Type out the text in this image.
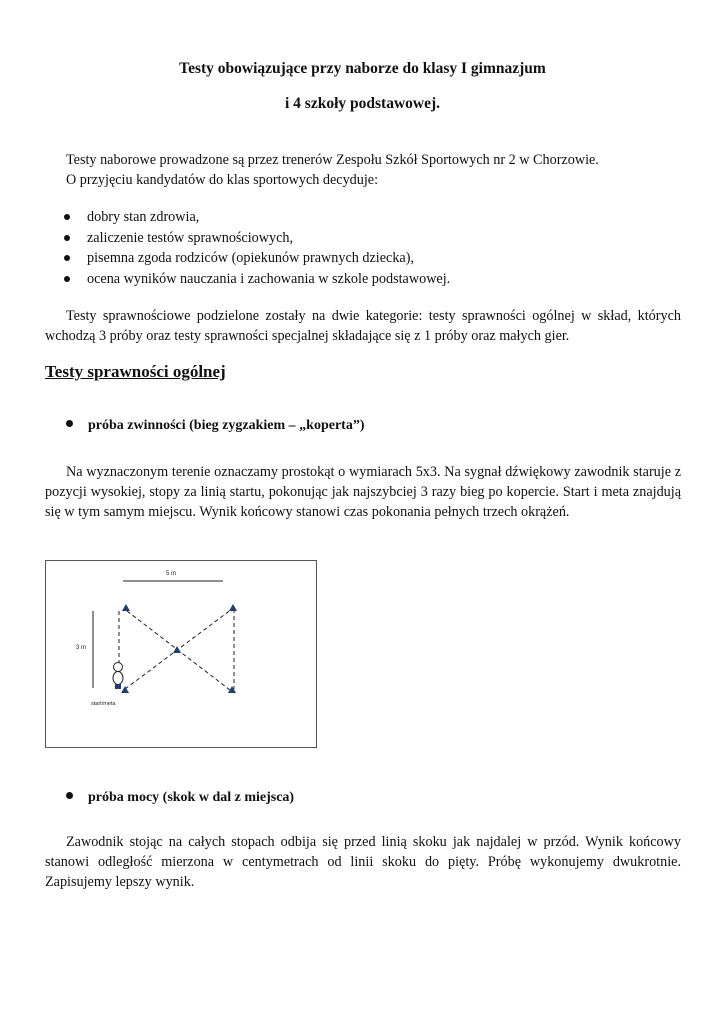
Testy obowiązujące przy naborze do klasy I gimnazjum
i 4 szkoły podstawowej.
Testy naborowe prowadzone są przez trenerów Zespołu Szkół Sportowych nr 2 w Chorzowie.
O przyjęciu kandydatów do klas sportowych decyduje:
dobry stan zdrowia,
zaliczenie testów sprawnościowych,
pisemna zgoda rodziców (opiekunów prawnych dziecka),
ocena wyników nauczania i zachowania w szkole podstawowej.
Testy sprawnościowe podzielone zostały na dwie kategorie: testy sprawności ogólnej w skład, których wchodzą 3 próby oraz testy sprawności specjalnej składające się z 1 próby oraz małych gier.
Testy sprawności ogólnej
próba zwinności (bieg zygzakiem – „koperta”)
Na wyznaczonym terenie oznaczamy prostokąt o wymiarach 5x3. Na sygnał dźwiękowy zawodnik staruje z pozycji wysokiej, stopy za linią startu, pokonując jak najszybciej 3 razy bieg po kopercie. Start i meta znajdują się w tym samym miejscu. Wynik końcowy stanowi czas pokonania pełnych trzech okrążeń.
5 m
3 m
start/meta
próba mocy (skok w dal z miejsca)
Zawodnik stojąc na całych stopach odbija się przed linią skoku jak najdalej w przód. Wynik końcowy stanowi odległość mierzona w centymetrach od linii skoku do pięty. Próbę wykonujemy dwukrotnie. Zapisujemy lepszy wynik.
